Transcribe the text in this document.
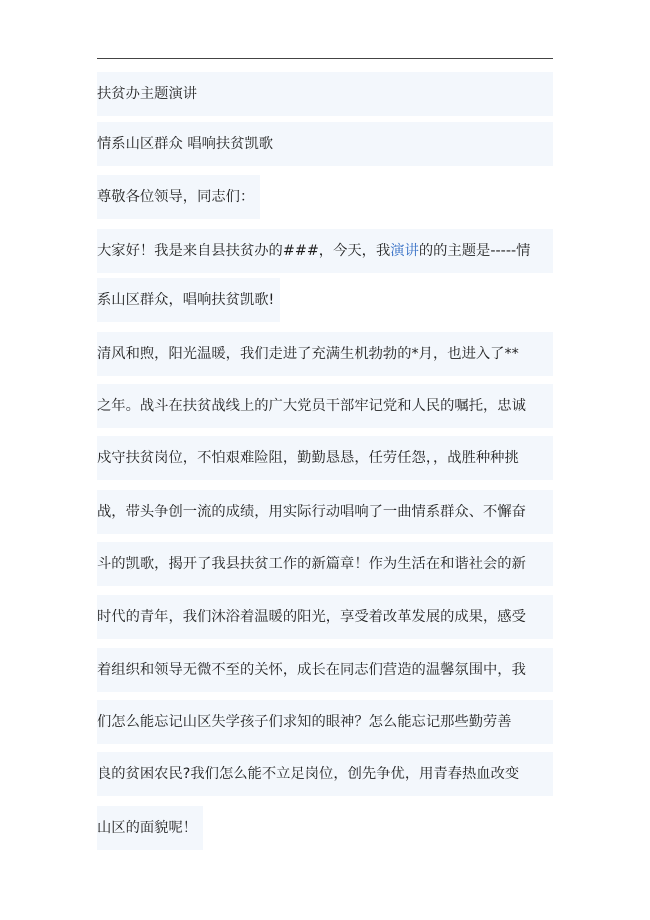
扶贫办主题演讲
情系山区群众 唱响扶贫凯歌
尊敬各位领导，同志们：
大家好！我是来自县扶贫办的###，今天，我演讲的的主题是-----情
系山区群众，唱响扶贫凯歌!
清风和煦，阳光温暖，我们走进了充满生机勃勃的*月，也进入了**
之年。战斗在扶贫战线上的广大党员干部牢记党和人民的嘱托，忠诚
戍守扶贫岗位，不怕艰难险阻，勤勤恳恳，任劳任怨，，战胜种种挑
战，带头争创一流的成绩，用实际行动唱响了一曲情系群众、不懈奋
斗的凯歌，揭开了我县扶贫工作的新篇章！作为生活在和谐社会的新
时代的青年，我们沐浴着温暖的阳光，享受着改革发展的成果，感受
着组织和领导无微不至的关怀，成长在同志们营造的温馨氛围中，我
们怎么能忘记山区失学孩子们求知的眼神？怎么能忘记那些勤劳善
良的贫困农民?我们怎么能不立足岗位，创先争优，用青春热血改变
山区的面貌呢！
